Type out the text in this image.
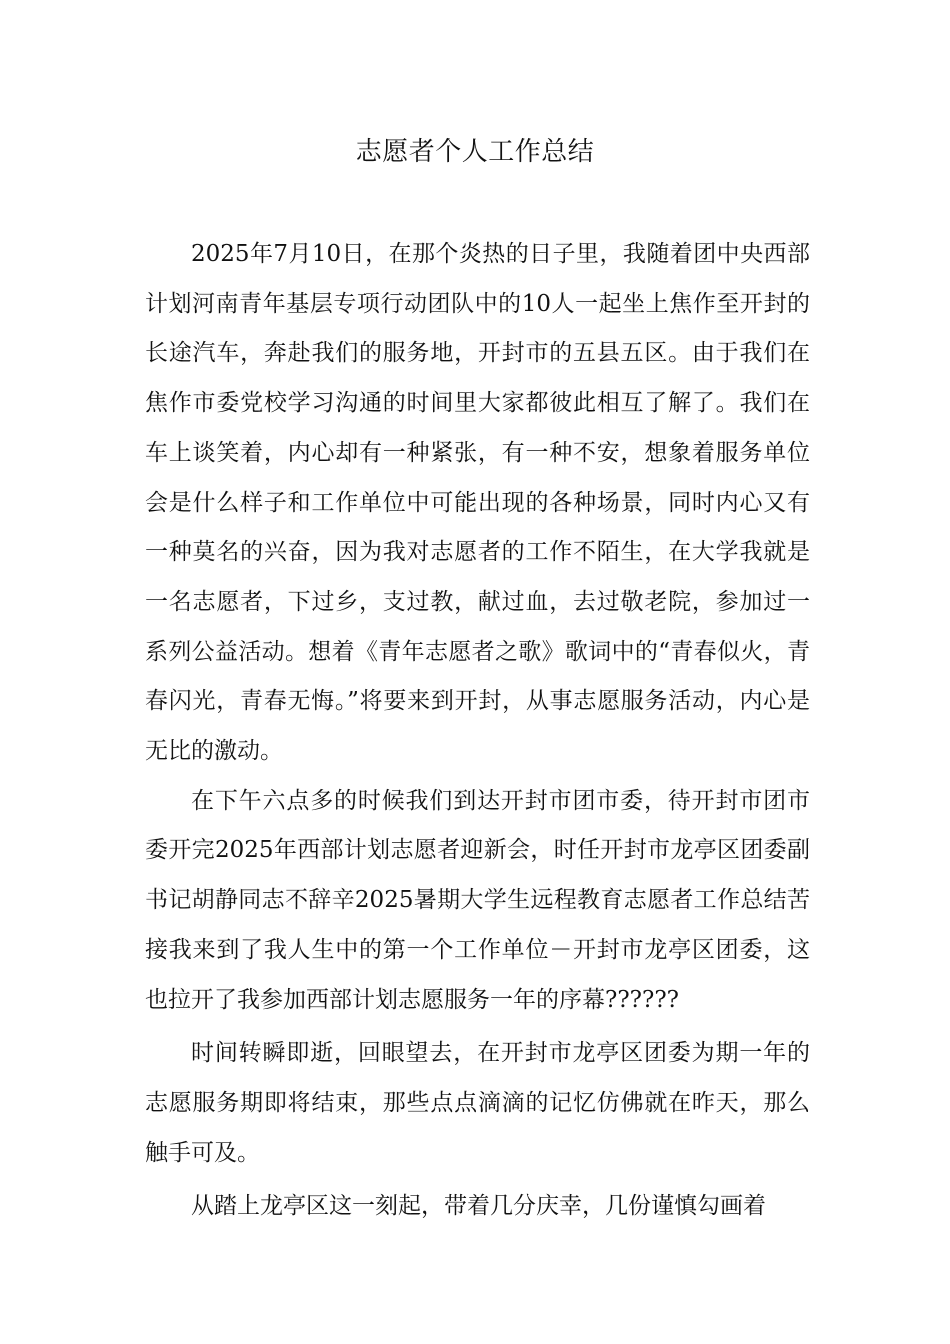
志愿者个人工作总结

2025年7月10日，在那个炎热的日子里，我随着团中央西部计划河南青年基层专项行动团队中的10人一起坐上焦作至开封的长途汽车，奔赴我们的服务地，开封市的五县五区。由于我们在焦作市委党校学习沟通的时间里大家都彼此相互了解了。我们在车上谈笑着，内心却有一种紧张，有一种不安，想象着服务单位会是什么样子和工作单位中可能出现的各种场景，同时内心又有一种莫名的兴奋，因为我对志愿者的工作不陌生，在大学我就是一名志愿者，下过乡，支过教，献过血，去过敬老院，参加过一系列公益活动。想着《青年志愿者之歌》歌词中的“青春似火，青春闪光，青春无悔。”将要来到开封，从事志愿服务活动，内心是无比的激动。

在下午六点多的时候我们到达开封市团市委，待开封市团市委开完2025年西部计划志愿者迎新会，时任开封市龙亭区团委副书记胡静同志不辞辛2025暑期大学生远程教育志愿者工作总结苦接我来到了我人生中的第一个工作单位－开封市龙亭区团委，这也拉开了我参加西部计划志愿服务一年的序幕??????

时间转瞬即逝，回眼望去，在开封市龙亭区团委为期一年的志愿服务期即将结束，那些点点滴滴的记忆仿佛就在昨天，那么触手可及。

从踏上龙亭区这一刻起，带着几分庆幸，几份谨慎勾画着
